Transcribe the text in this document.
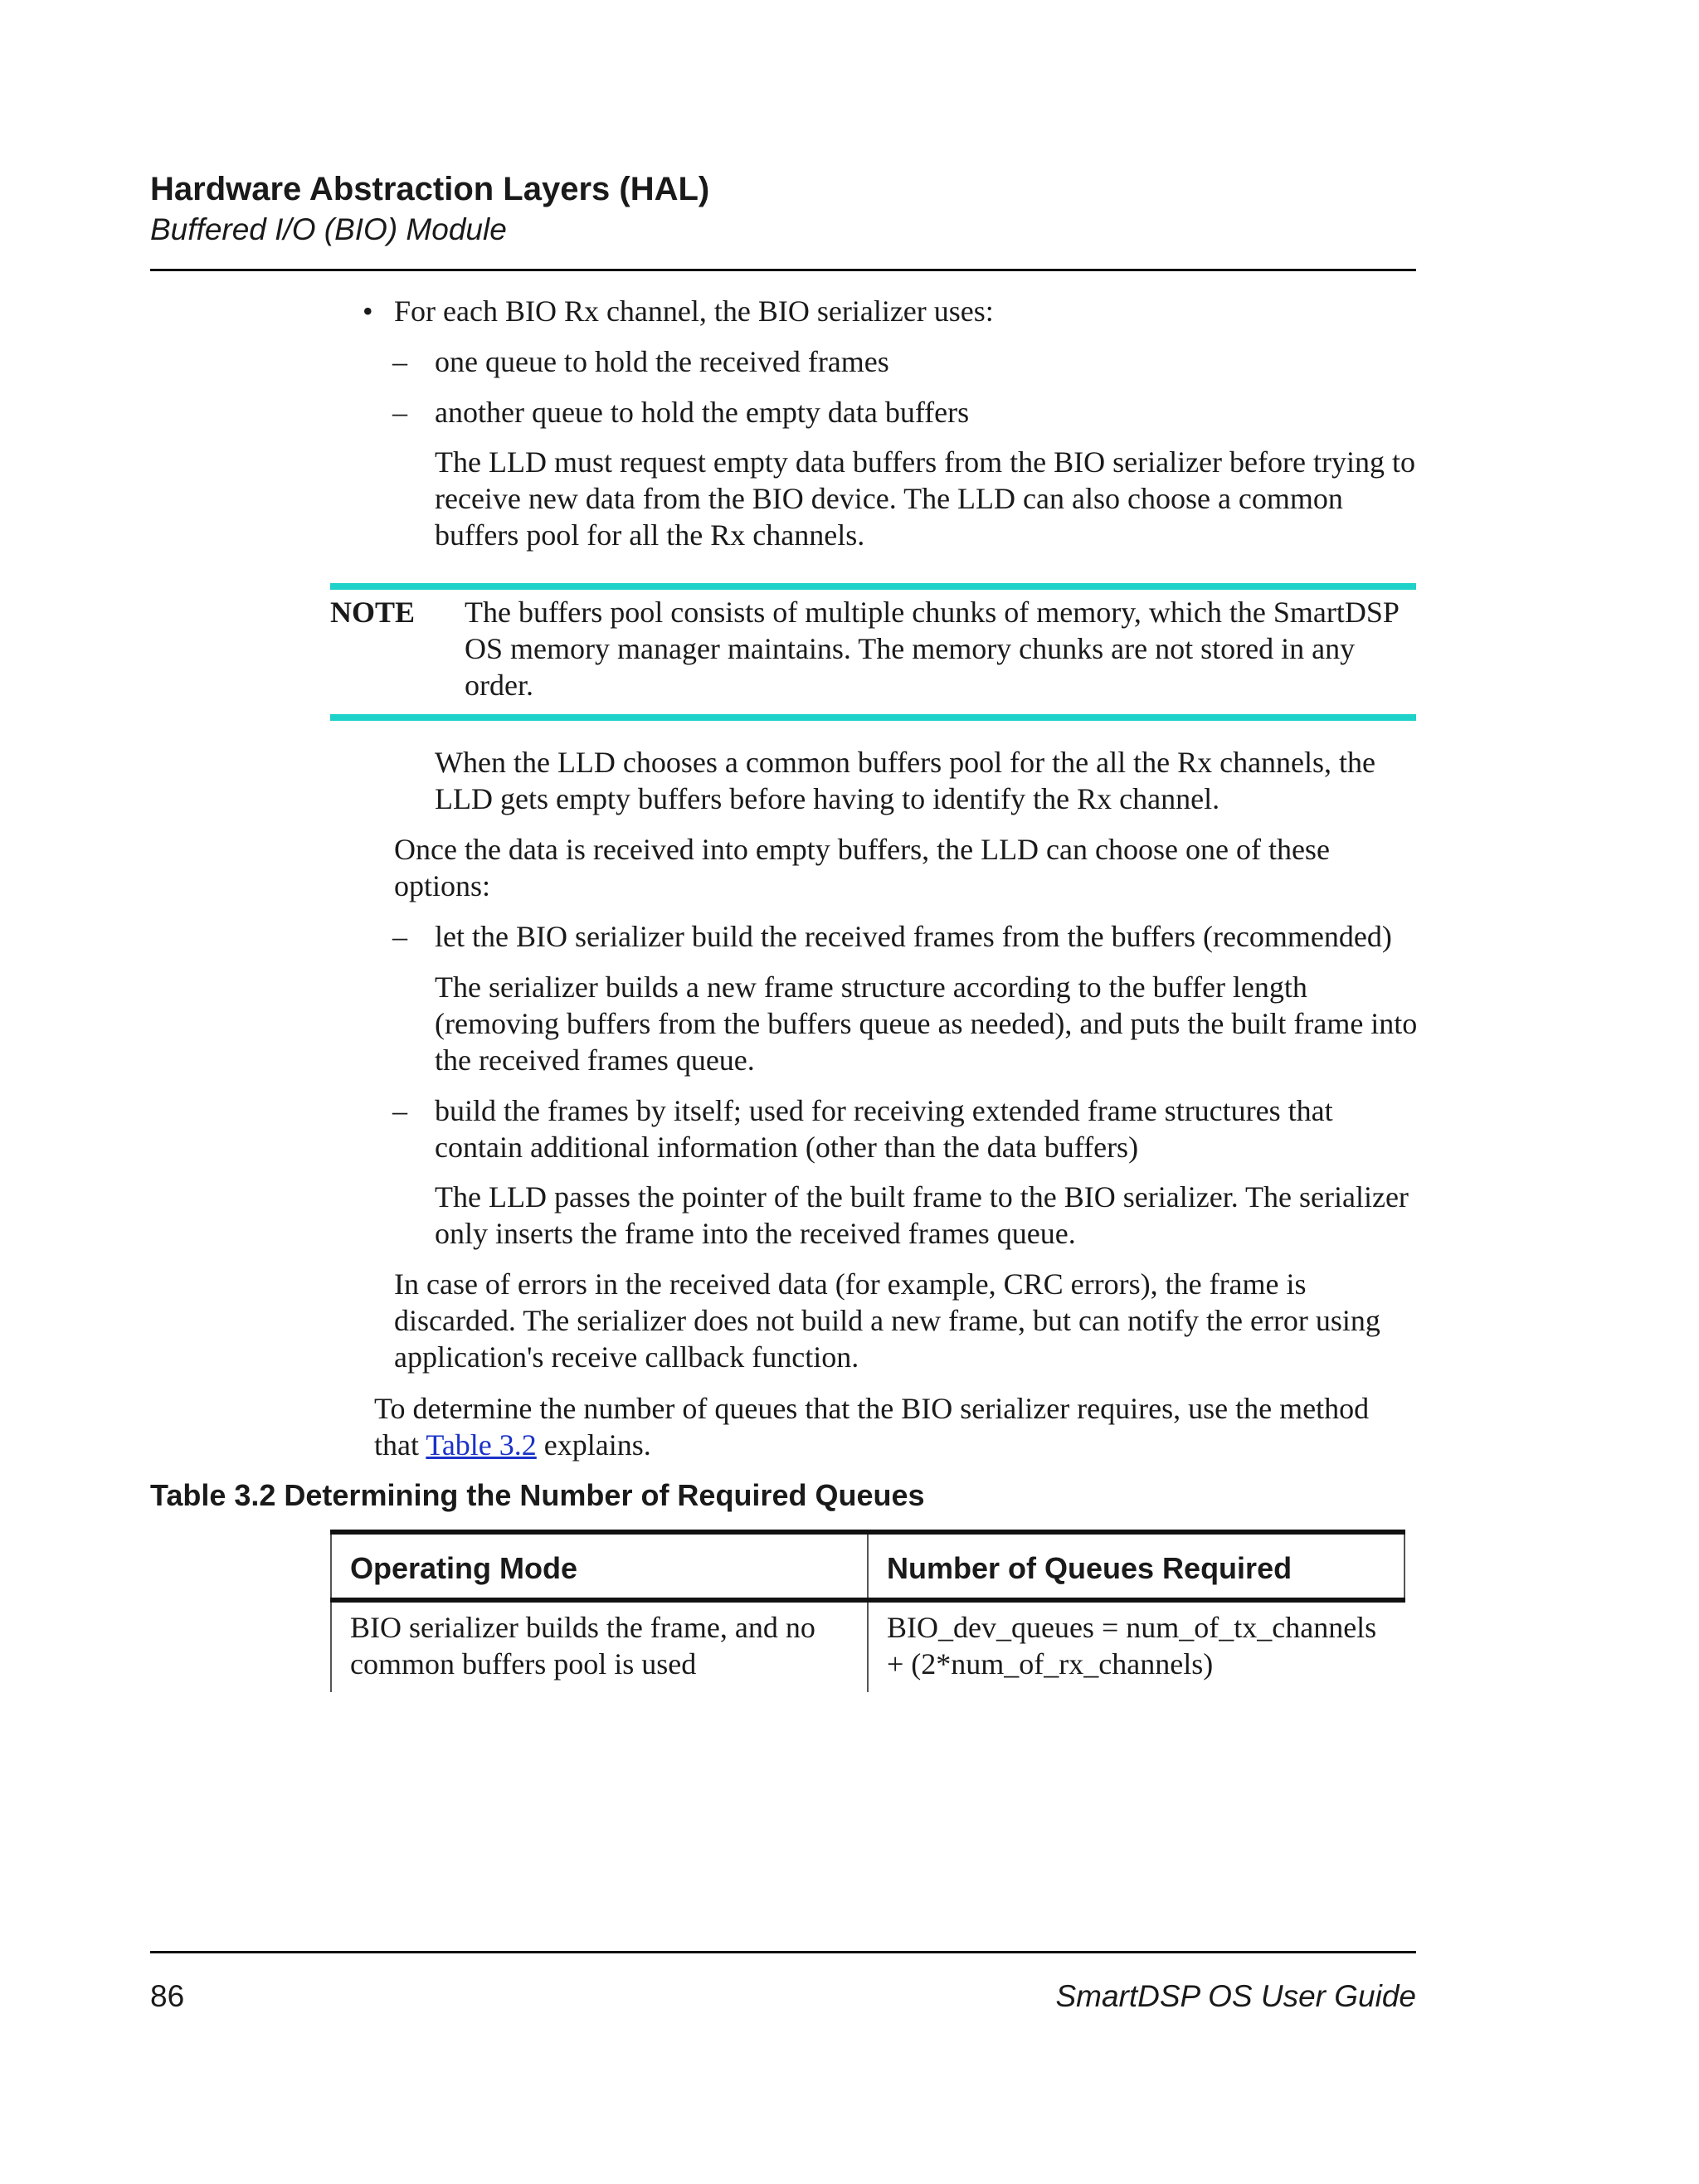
Hardware Abstraction Layers (HAL)
Buffered I/O (BIO) Module
• For each BIO Rx channel, the BIO serializer uses:
– one queue to hold the received frames
– another queue to hold the empty data buffers
The LLD must request empty data buffers from the BIO serializer before trying to receive new data from the BIO device. The LLD can also choose a common buffers pool for all the Rx channels.
NOTE The buffers pool consists of multiple chunks of memory, which the SmartDSP OS memory manager maintains. The memory chunks are not stored in any order.
When the LLD chooses a common buffers pool for the all the Rx channels, the LLD gets empty buffers before having to identify the Rx channel.
Once the data is received into empty buffers, the LLD can choose one of these options:
– let the BIO serializer build the received frames from the buffers (recommended)
The serializer builds a new frame structure according to the buffer length (removing buffers from the buffers queue as needed), and puts the built frame into the received frames queue.
– build the frames by itself; used for receiving extended frame structures that contain additional information (other than the data buffers)
The LLD passes the pointer of the built frame to the BIO serializer. The serializer only inserts the frame into the received frames queue.
In case of errors in the received data (for example, CRC errors), the frame is discarded. The serializer does not build a new frame, but can notify the error using application's receive callback function.
To determine the number of queues that the BIO serializer requires, use the method that Table 3.2 explains.
Table 3.2 Determining the Number of Required Queues
Operating Mode	Number of Queues Required
BIO serializer builds the frame, and no common buffers pool is used
BIO_dev_queues = num_of_tx_channels + (2*num_of_rx_channels)
86	SmartDSP OS User Guide
